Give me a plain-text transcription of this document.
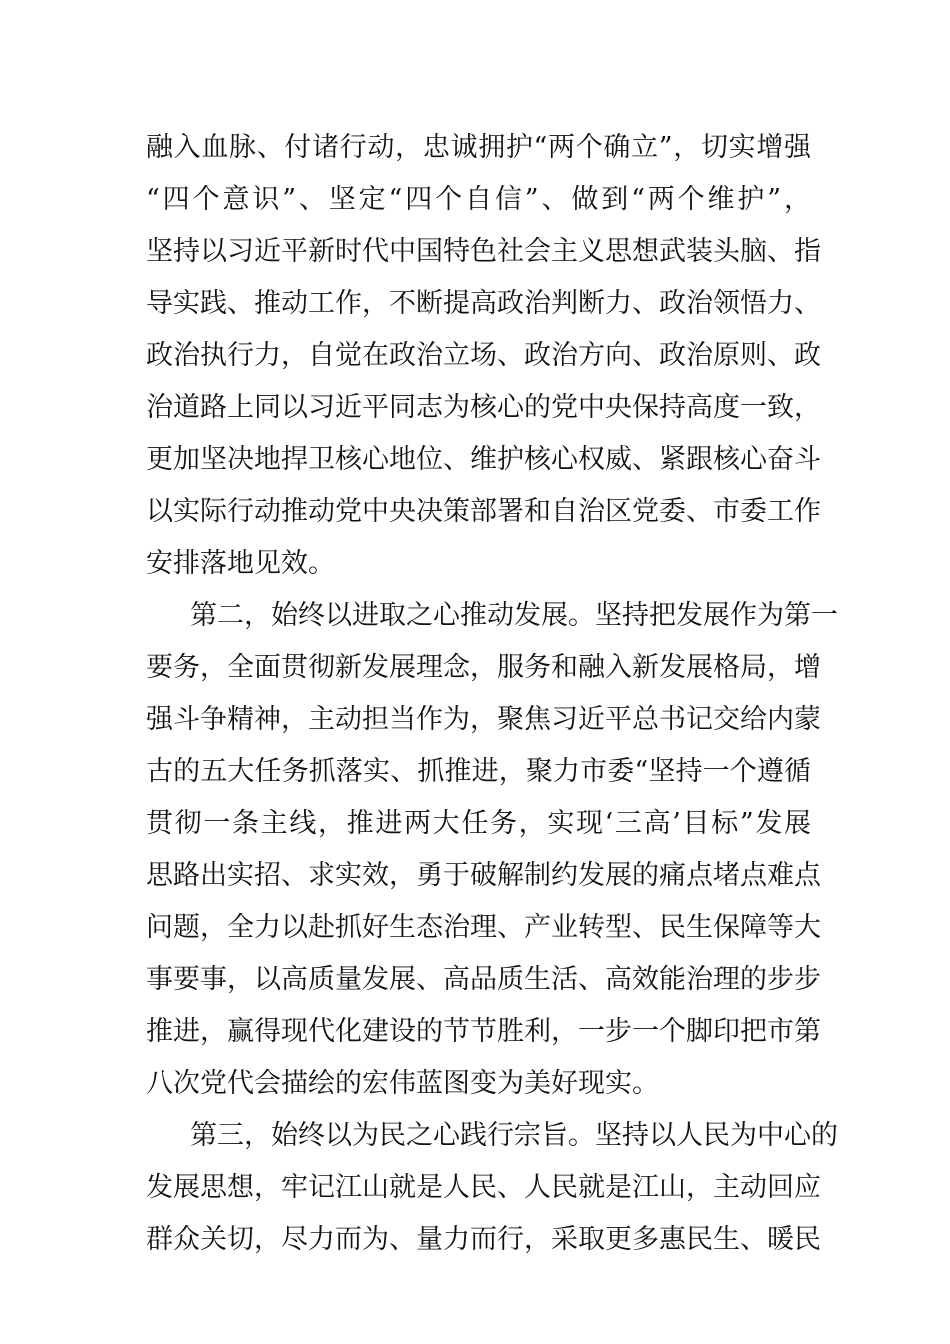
融入血脉、付诸行动，忠诚拥护“两个确立”，切实增强
“四个意识”、坚定“四个自信”、做到“两个维护”，
坚持以习近平新时代中国特色社会主义思想武装头脑、指
导实践、推动工作，不断提高政治判断力、政治领悟力、
政治执行力，自觉在政治立场、政治方向、政治原则、政
治道路上同以习近平同志为核心的党中央保持高度一致，
更加坚决地捍卫核心地位、维护核心权威、紧跟核心奋斗
以实际行动推动党中央决策部署和自治区党委、市委工作
安排落地见效。
第二，始终以进取之心推动发展。坚持把发展作为第一
要务，全面贯彻新发展理念，服务和融入新发展格局，增
强斗争精神，主动担当作为，聚焦习近平总书记交给内蒙
古的五大任务抓落实、抓推进，聚力市委“坚持一个遵循
贯彻一条主线，推进两大任务，实现‘三高’目标”发展
思路出实招、求实效，勇于破解制约发展的痛点堵点难点
问题，全力以赴抓好生态治理、产业转型、民生保障等大
事要事，以高质量发展、高品质生活、高效能治理的步步
推进，赢得现代化建设的节节胜利，一步一个脚印把市第
八次党代会描绘的宏伟蓝图变为美好现实。
第三，始终以为民之心践行宗旨。坚持以人民为中心的
发展思想，牢记江山就是人民、人民就是江山，主动回应
群众关切，尽力而为、量力而行，采取更多惠民生、暖民
